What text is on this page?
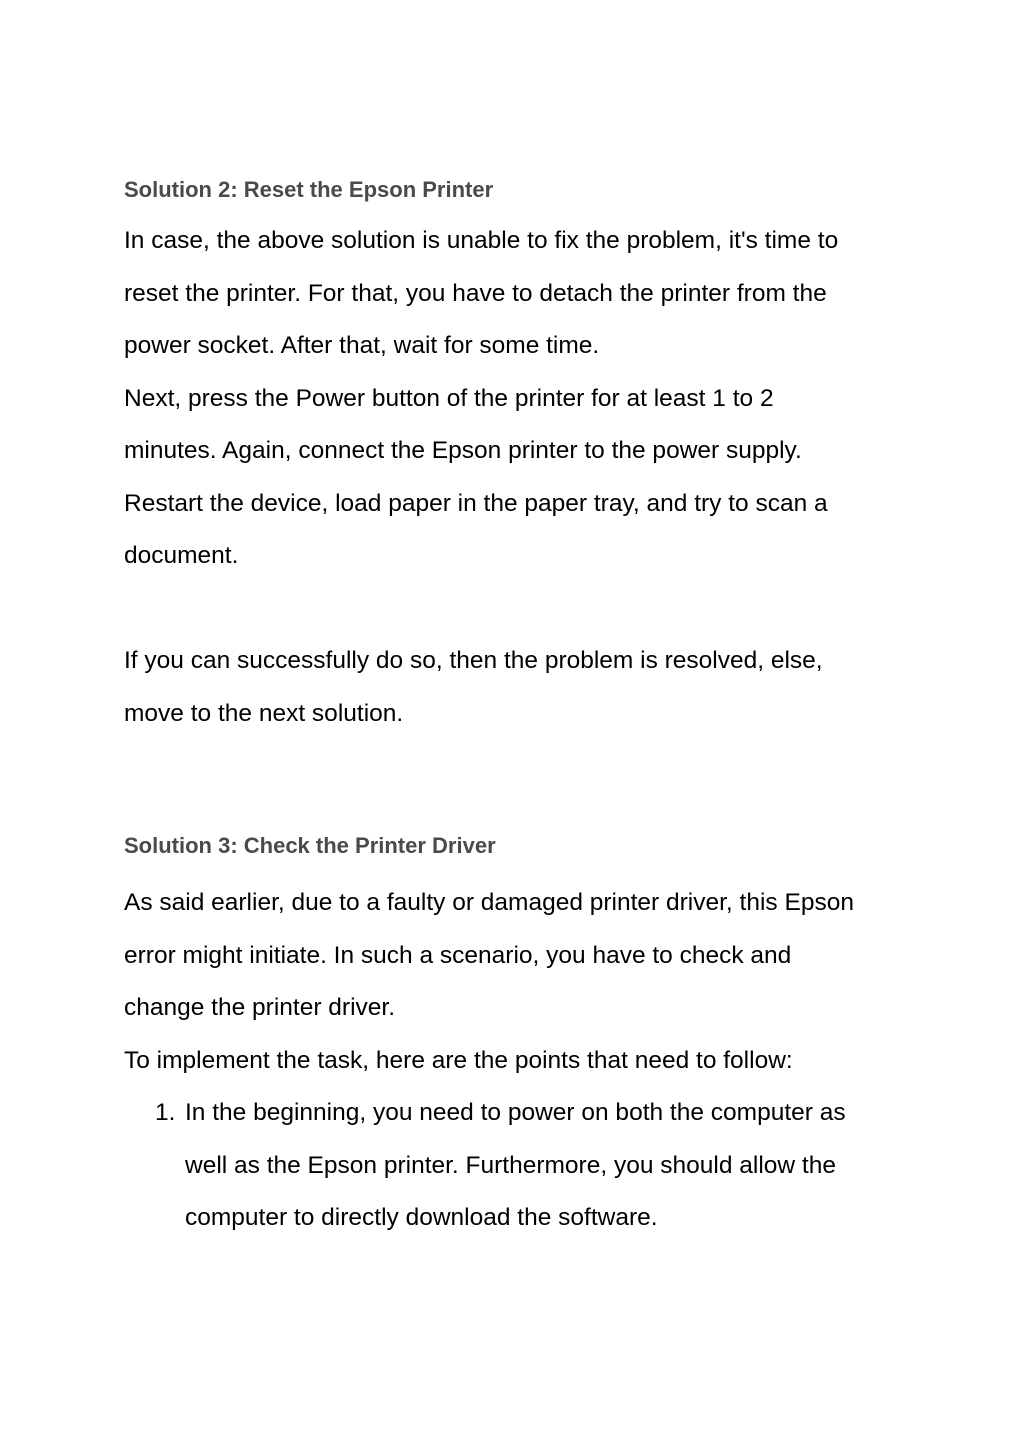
Solution 2: Reset the Epson Printer

In case, the above solution is unable to fix the problem, it's time to
reset the printer. For that, you have to detach the printer from the
power socket. After that, wait for some time.

Next, press the Power button of the printer for at least 1 to 2
minutes. Again, connect the Epson printer to the power supply.
Restart the device, load paper in the paper tray, and try to scan a
document.

If you can successfully do so, then the problem is resolved, else,
move to the next solution.

Solution 3: Check the Printer Driver

As said earlier, due to a faulty or damaged printer driver, this Epson
error might initiate. In such a scenario, you have to check and
change the printer driver.

To implement the task, here are the points that need to follow:

1. In the beginning, you need to power on both the computer as
well as the Epson printer. Furthermore, you should allow the
computer to directly download the software.
